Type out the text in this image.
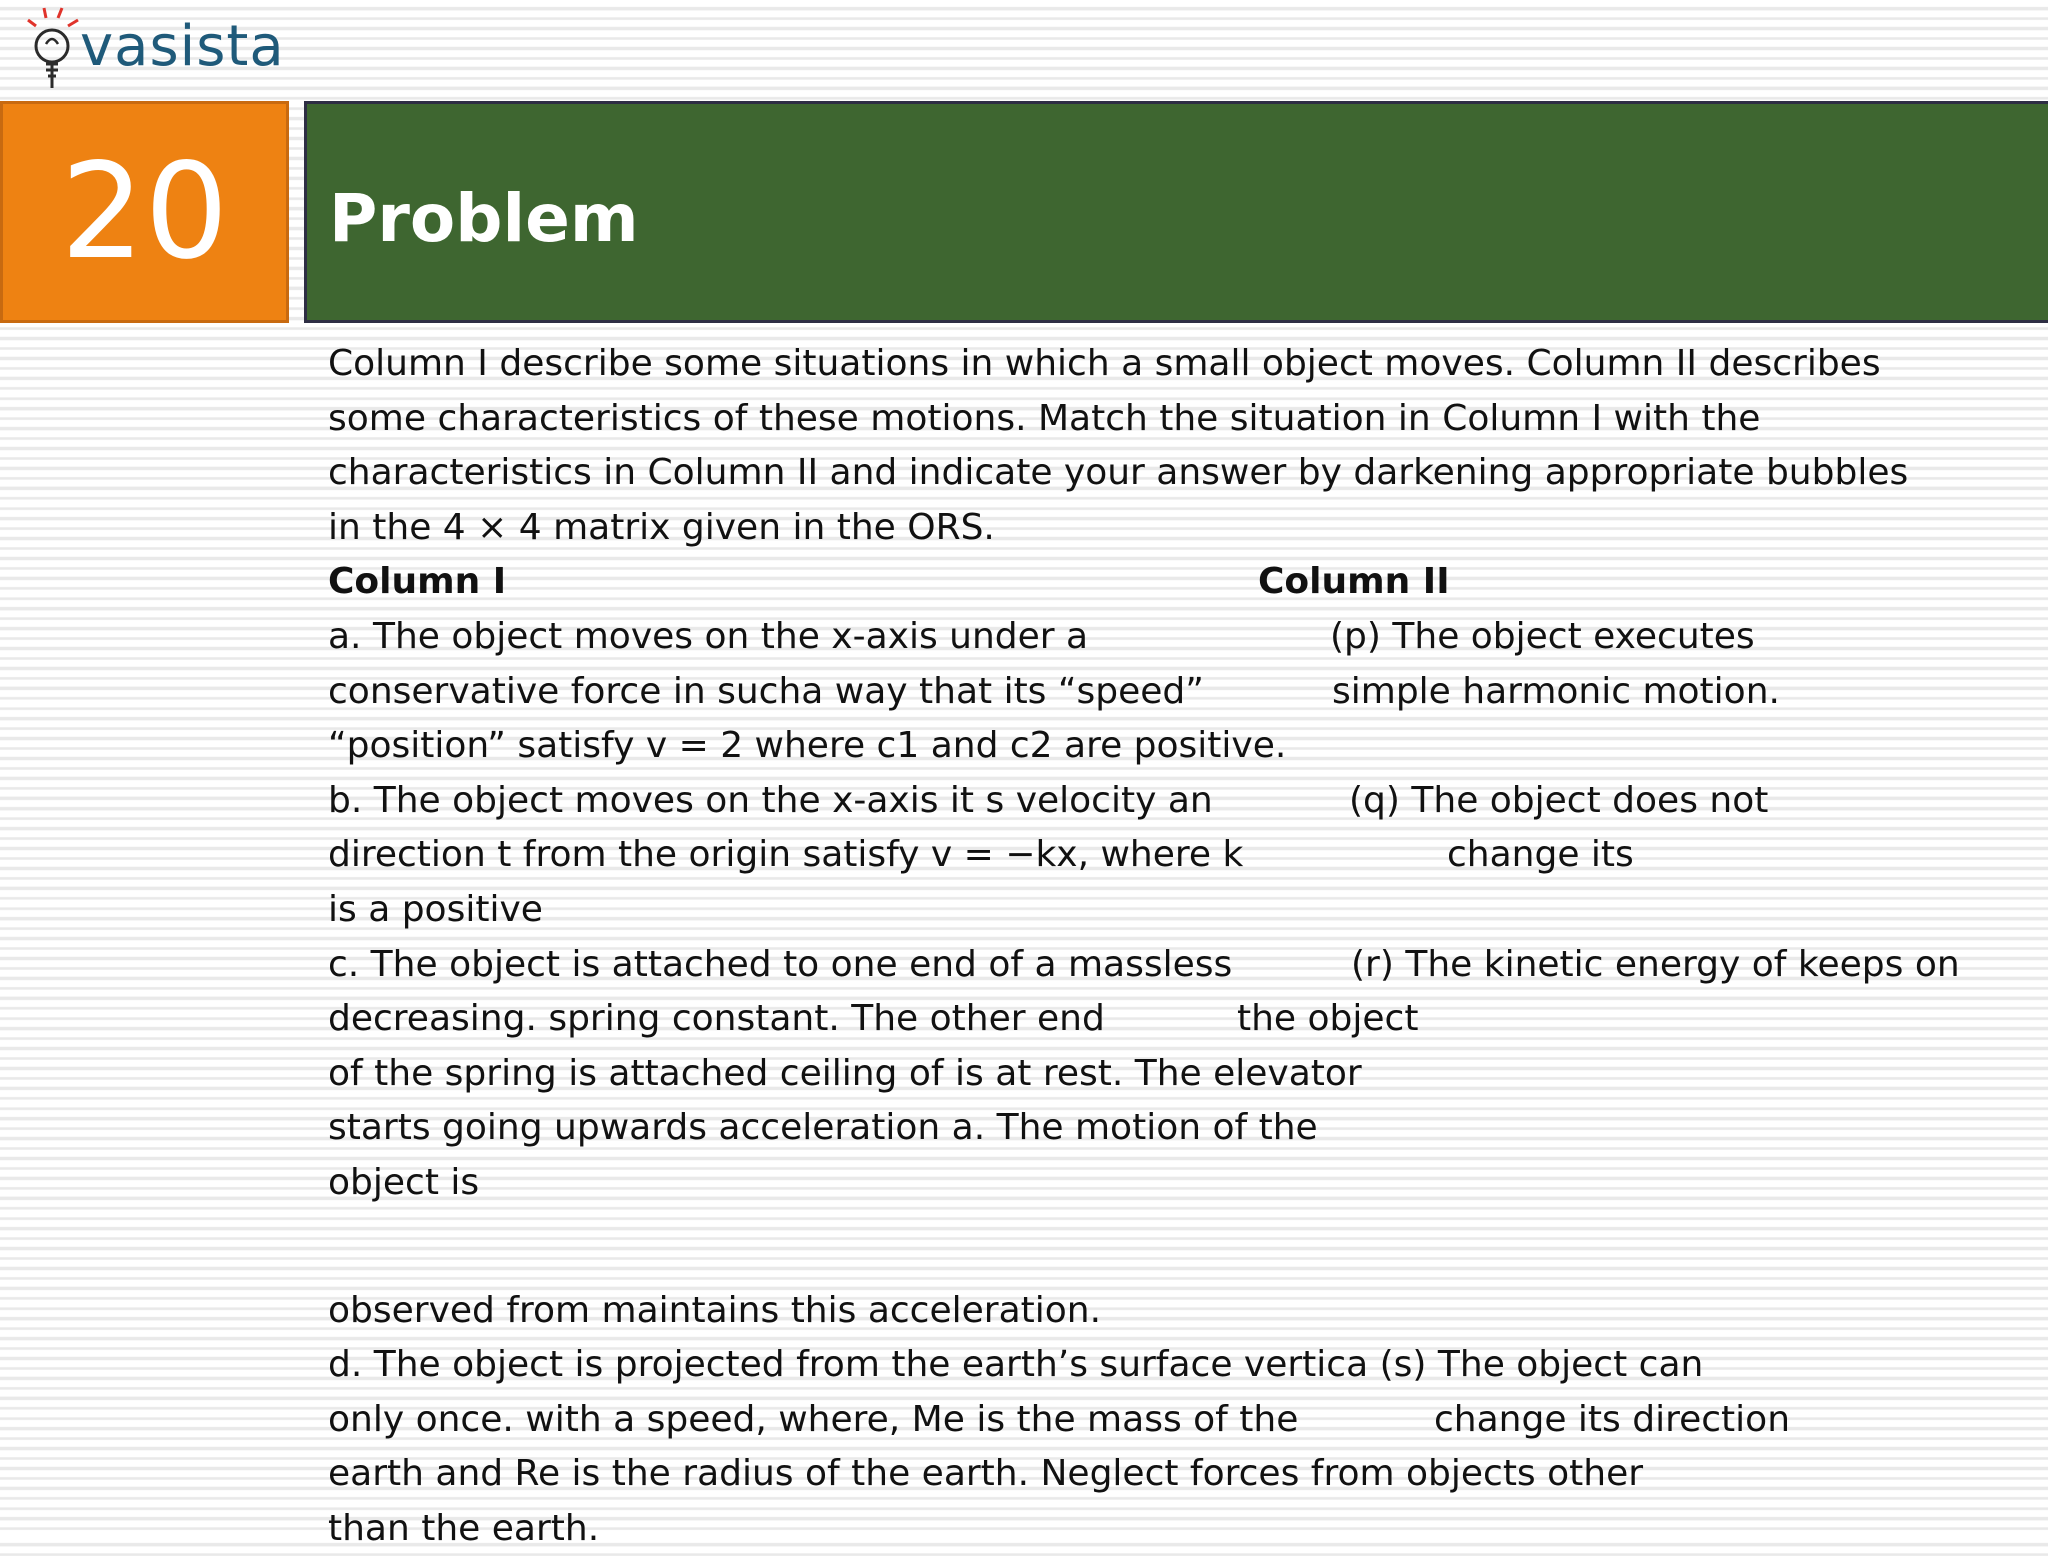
vasista
20 Problem
Column I describe some situations in which a small object moves. Column II describes
some characteristics of these motions. Match the situation in Column I with the
characteristics in Column II and indicate your answer by darkening appropriate bubbles
in the 4 × 4 matrix given in the ORS.
Column I	Column II
a. The object moves on the x-axis under a	(p) The object executes
conservative force in sucha way that its “speed”	simple harmonic motion.
“position” satisfy v = 2 where c1 and c2 are positive.
b. The object moves on the x-axis it s velocity an	(q) The object does not
direction t from the origin satisfy v = −kx, where k	change its
is a positive
c. The object is attached to one end of a massless	(r) The kinetic energy of keeps on
decreasing. spring constant. The other end	the object
of the spring is attached ceiling of is at rest. The elevator
starts going upwards acceleration a. The motion of the
object is
observed from maintains this acceleration.
d. The object is projected from the earth’s surface vertica (s) The object can
only once. with a speed, where, Me is the mass of the	change its direction
earth and Re is the radius of the earth. Neglect forces from objects other
than the earth.
